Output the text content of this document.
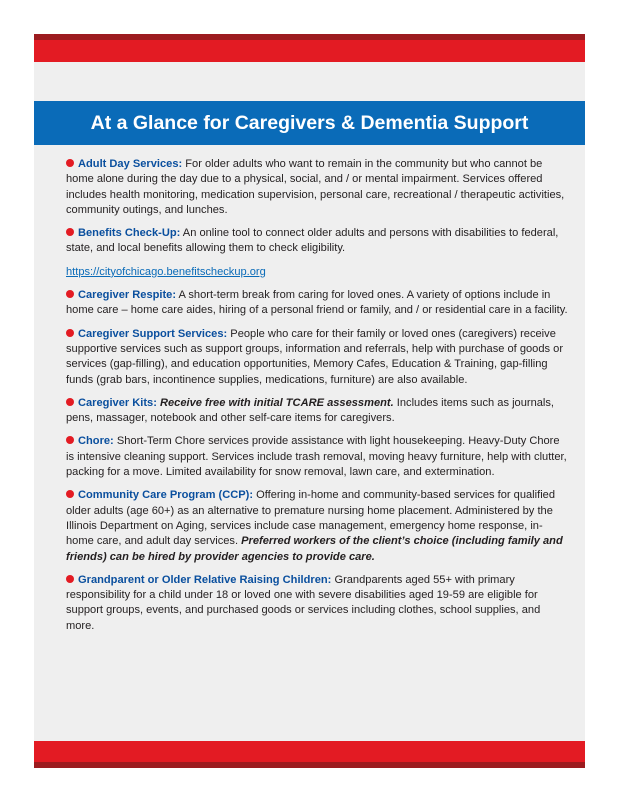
At a Glance for Caregivers & Dementia Support

Adult Day Services: For older adults who want to remain in the community but who cannot be home alone during the day due to a physical, social, and / or mental impairment. Services offered includes health monitoring, medication supervision, personal care, recreational / therapeutic activities, community outings, and lunches.

Benefits Check-Up: An online tool to connect older adults and persons with disabilities to federal, state, and local benefits allowing them to check eligibility.

https://cityofchicago.benefitscheckup.org

Caregiver Respite: A short-term break from caring for loved ones. A variety of options include in home care – home care aides, hiring of a personal friend or family, and / or residential care in a facility.

Caregiver Support Services: People who care for their family or loved ones (caregivers) receive supportive services such as support groups, information and referrals, help with purchase of goods or services (gap-filling), and education opportunities, Memory Cafes, Education & Training, gap-filling funds (grab bars, incontinence supplies, medications, furniture) are also available.

Caregiver Kits: Receive free with initial TCARE assessment. Includes items such as journals, pens, massager, notebook and other self-care items for caregivers.

Chore: Short-Term Chore services provide assistance with light housekeeping. Heavy-Duty Chore is intensive cleaning support. Services include trash removal, moving heavy furniture, help with clutter, packing for a move. Limited availability for snow removal, lawn care, and extermination.

Community Care Program (CCP): Offering in-home and community-based services for qualified older adults (age 60+) as an alternative to premature nursing home placement. Administered by the Illinois Department on Aging, services include case management, emergency home response, in-home care, and adult day services. Preferred workers of the client’s choice (including family and friends) can be hired by provider agencies to provide care.

Grandparent or Older Relative Raising Children: Grandparents aged 55+ with primary responsibility for a child under 18 or loved one with severe disabilities aged 19-59 are eligible for support groups, events, and purchased goods or services including clothes, school supplies, and more.
